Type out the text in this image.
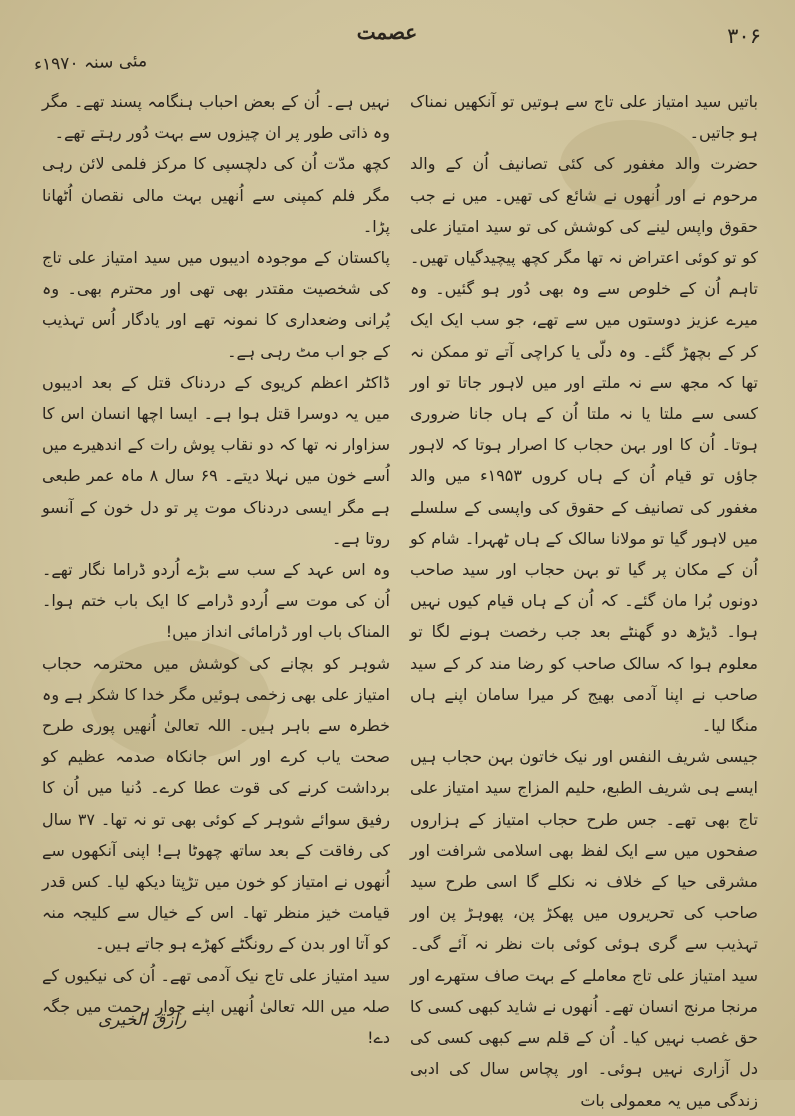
۳۰۶
عصمت
مئی سنہ ۱۹۷۰ء

باتیں سید امتیاز علی تاج سے ہوتیں تو آنکھیں نمناک ہو جاتیں۔

حضرت والد مغفور کی کئی تصانیف اُن کے والد مرحوم نے اور اُنھوں نے شائع کی تھیں۔ میں نے جب حقوق واپس لینے کی کوشش کی تو سید امتیاز علی کو تو کوئی اعتراض نہ تھا مگر کچھ پیچیدگیاں تھیں۔ تاہم اُن کے خلوص سے وہ بھی دُور ہو گئیں۔ وہ میرے عزیز دوستوں میں سے تھے، جو سب ایک ایک کر کے بچھڑ گئے۔ وہ دلّی یا کراچی آتے تو ممکن نہ تھا کہ مجھ سے نہ ملتے اور میں لاہور جاتا تو اور کسی سے ملتا یا نہ ملتا اُن کے ہاں جانا ضروری ہوتا۔ اُن کا اور بہن حجاب کا اصرار ہوتا کہ لاہور جاؤں تو قیام اُن کے ہاں کروں ۱۹۵۳ء میں والد مغفور کی تصانیف کے حقوق کی واپسی کے سلسلے میں لاہور گیا تو مولانا سالک کے ہاں ٹھہرا۔ شام کو اُن کے مکان پر گیا تو بہن حجاب اور سید صاحب دونوں بُرا مان گئے۔ کہ اُن کے ہاں قیام کیوں نہیں ہوا۔ ڈیڑھ دو گھنٹے بعد جب رخصت ہونے لگا تو معلوم ہوا کہ سالک صاحب کو رضا مند کر کے سید صاحب نے اپنا آدمی بھیج کر میرا سامان اپنے ہاں منگا لیا۔

جیسی شریف النفس اور نیک خاتون بہن حجاب ہیں ایسے ہی شریف الطبع، حلیم المزاج سید امتیاز علی تاج بھی تھے۔ جس طرح حجاب امتیاز کے ہزاروں صفحوں میں سے ایک لفظ بھی اسلامی شرافت اور مشرقی حیا کے خلاف نہ نکلے گا اسی طرح سید صاحب کی تحریروں میں پھکڑ پن، پھوہڑ پن اور تہذیب سے گری ہوئی کوئی بات نظر نہ آئے گی۔ سید امتیاز علی تاج معاملے کے بہت صاف ستھرے اور مرنجا مرنج انسان تھے۔ اُنھوں نے شاید کبھی کسی کا حق غصب نہیں کیا۔ اُن کے قلم سے کبھی کسی کی دل آزاری نہیں ہوئی۔ اور پچاس سال کی ادبی زندگی میں یہ معمولی بات

نہیں ہے۔ اُن کے بعض احباب ہنگامہ پسند تھے۔ مگر وہ ذاتی طور پر ان چیزوں سے بہت دُور رہتے تھے۔

کچھ مدّت اُن کی دلچسپی کا مرکز فلمی لائن رہی مگر فلم کمپنی سے اُنھیں بہت مالی نقصان اُٹھانا پڑا۔

پاکستان کے موجودہ ادیبوں میں سید امتیاز علی تاج کی شخصیت مقتدر بھی تھی اور محترم بھی۔ وہ پُرانی وضعداری کا نمونہ تھے اور یادگار اُس تہذیب کے جو اب مٹ رہی ہے۔

ڈاکٹر اعظم کریوی کے دردناک قتل کے بعد ادیبوں میں یہ دوسرا قتل ہوا ہے۔ ایسا اچھا انسان اس کا سزاوار نہ تھا کہ دو نقاب پوش رات کے اندھیرے میں اُسے خون میں نہلا دیتے۔ ۶۹ سال ۸ ماہ عمر طبعی ہے مگر ایسی دردناک موت پر تو دل خون کے آنسو روتا ہے۔

وہ اس عہد کے سب سے بڑے اُردو ڈراما نگار تھے۔ اُن کی موت سے اُردو ڈرامے کا ایک باب ختم ہوا۔ المناک باب اور ڈرامائی انداز میں!

شوہر کو بچانے کی کوشش میں محترمہ حجاب امتیاز علی بھی زخمی ہوئیں مگر خدا کا شکر ہے وہ خطرہ سے باہر ہیں۔ اللہ تعالیٰ اُنھیں پوری طرح صحت یاب کرے اور اس جانکاہ صدمہ عظیم کو برداشت کرنے کی قوت عطا کرے۔ دُنیا میں اُن کا رفیق سوائے شوہر کے کوئی بھی تو نہ تھا۔ ۳۷ سال کی رفاقت کے بعد ساتھ چھوٹا ہے! اپنی آنکھوں سے اُنھوں نے امتیاز کو خون میں تڑپتا دیکھ لیا۔ کس قدر قیامت خیز منظر تھا۔ اس کے خیال سے کلیجہ منہ کو آتا اور بدن کے رونگٹے کھڑے ہو جاتے ہیں۔

سید امتیاز علی تاج نیک آدمی تھے۔ اُن کی نیکیوں کے صلہ میں اللہ تعالیٰ اُنھیں اپنے جوارِ رحمت میں جگہ دے!

رازق الخیری
